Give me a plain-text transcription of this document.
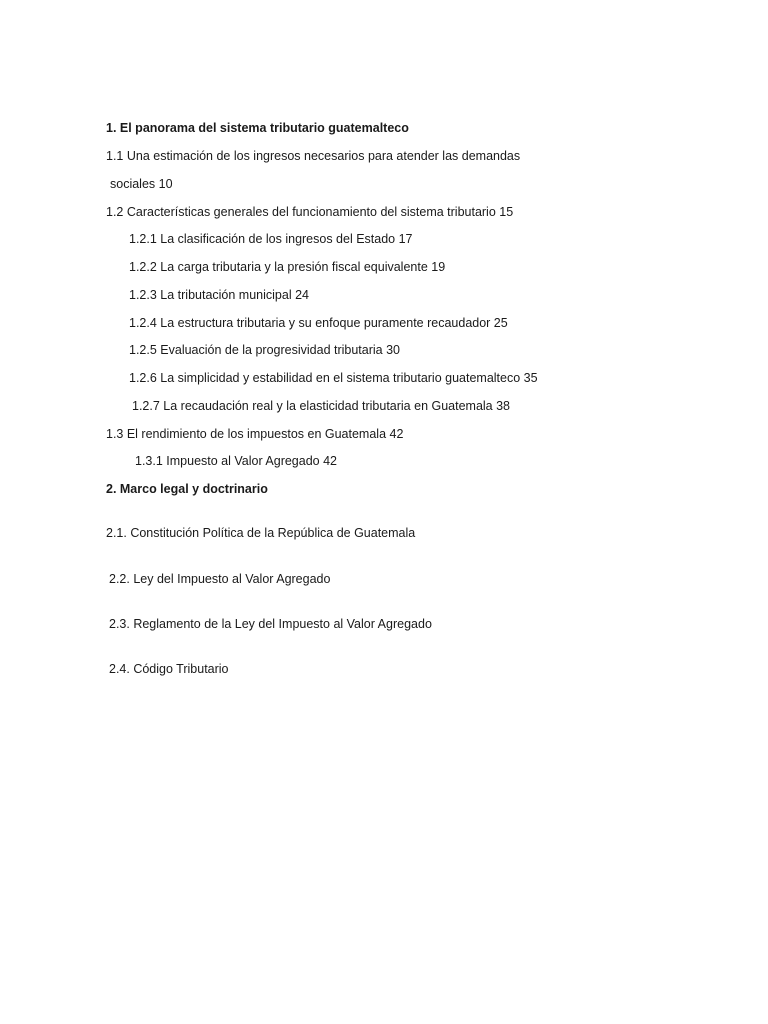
1. El panorama del sistema tributario guatemalteco
1.1 Una estimación de los ingresos necesarios para atender las demandas
sociales 10
1.2 Características generales del funcionamiento del sistema tributario 15
1.2.1 La clasificación de los ingresos del Estado 17
1.2.2 La carga tributaria y la presión fiscal equivalente 19
1.2.3 La tributación municipal 24
1.2.4 La estructura tributaria y su enfoque puramente recaudador 25
1.2.5 Evaluación de la progresividad tributaria 30
1.2.6 La simplicidad y estabilidad en el sistema tributario guatemalteco 35
1.2.7 La recaudación real y la elasticidad tributaria en Guatemala 38
1.3 El rendimiento de los impuestos en Guatemala 42
1.3.1 Impuesto al Valor Agregado 42
2. Marco legal y doctrinario
2.1. Constitución Política de la República de Guatemala
2.2. Ley del Impuesto al Valor Agregado
2.3. Reglamento de la Ley del Impuesto al Valor Agregado
2.4. Código Tributario
